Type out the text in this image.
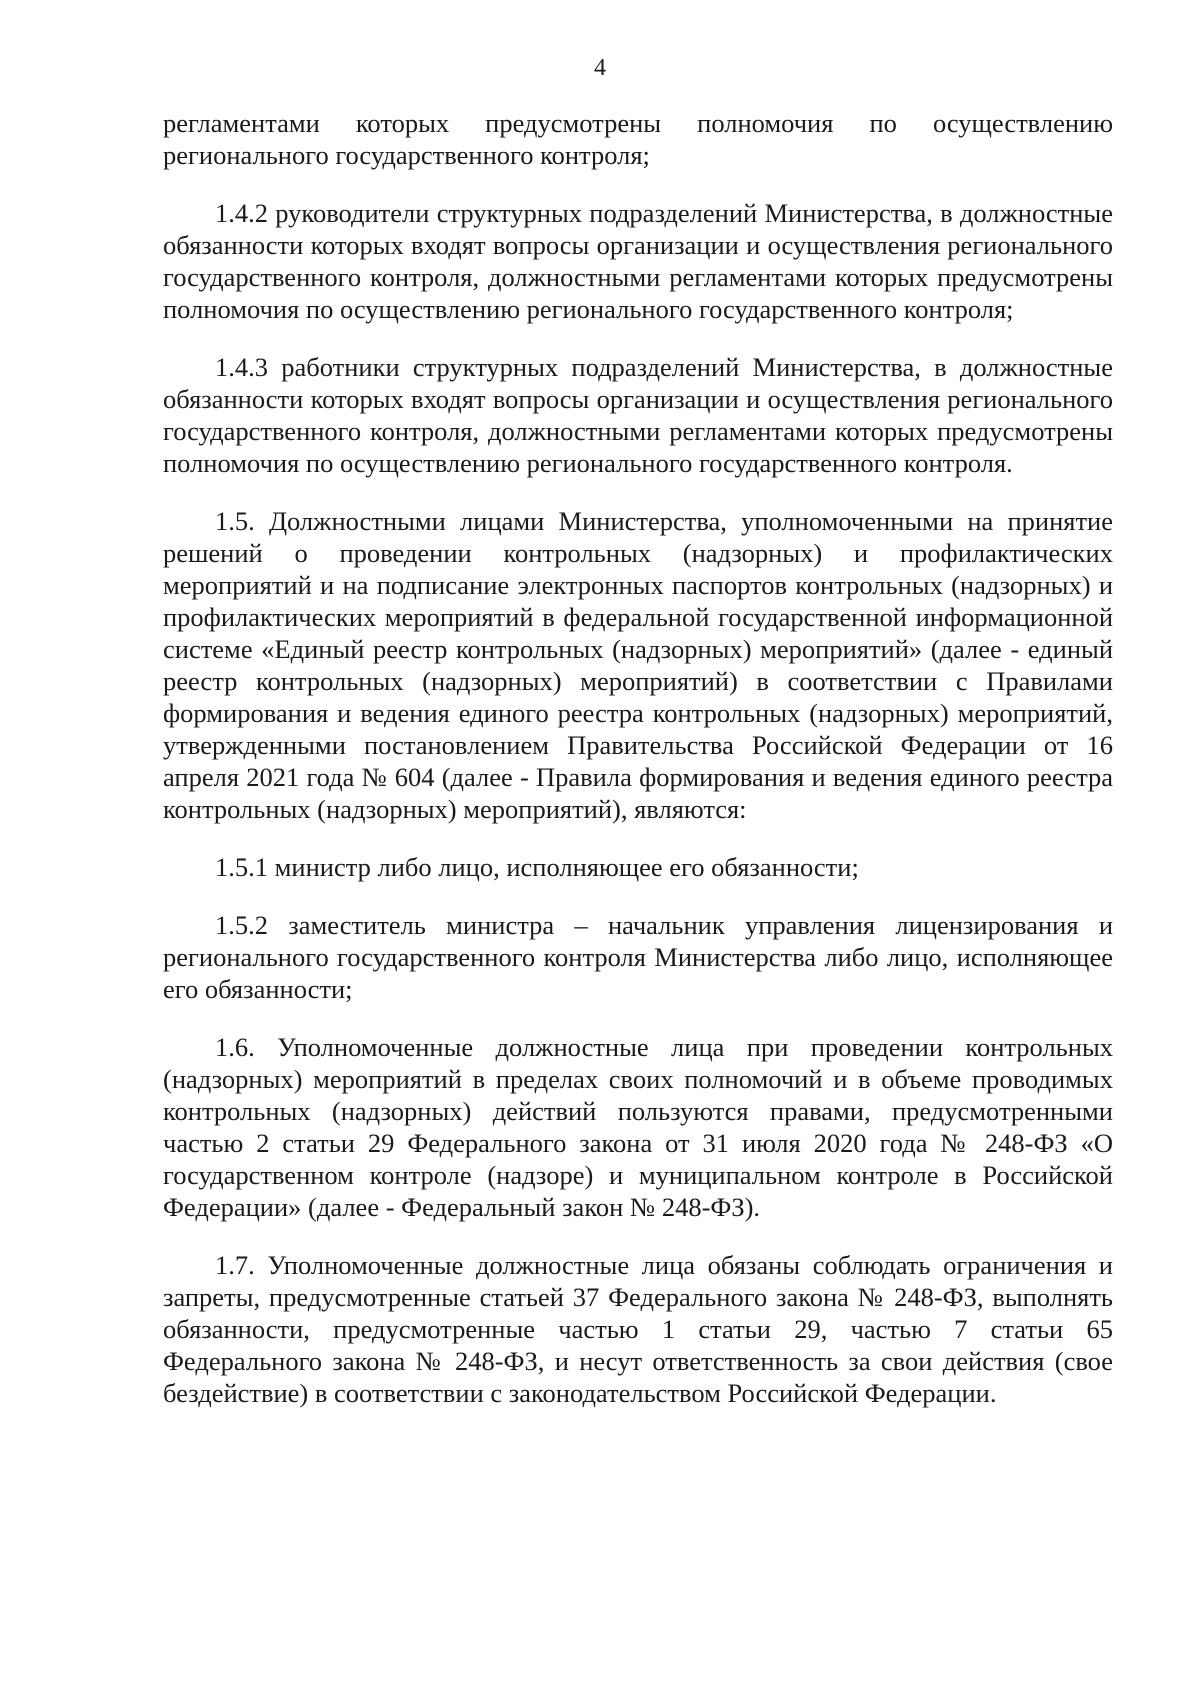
4

регламентами которых предусмотрены полномочия по осуществлению регионального государственного контроля;

1.4.2 руководители структурных подразделений Министерства, в должностные обязанности которых входят вопросы организации и осуществления регионального государственного контроля, должностными регламентами которых предусмотрены полномочия по осуществлению регионального государственного контроля;

1.4.3 работники структурных подразделений Министерства, в должностные обязанности которых входят вопросы организации и осуществления регионального государственного контроля, должностными регламентами которых предусмотрены полномочия по осуществлению регионального государственного контроля.

1.5. Должностными лицами Министерства, уполномоченными на принятие решений о проведении контрольных (надзорных) и профилактических мероприятий и на подписание электронных паспортов контрольных (надзорных) и профилактических мероприятий в федеральной государственной информационной системе «Единый реестр контрольных (надзорных) мероприятий» (далее - единый реестр контрольных (надзорных) мероприятий) в соответствии с Правилами формирования и ведения единого реестра контрольных (надзорных) мероприятий, утвержденными постановлением Правительства Российской Федерации от 16 апреля 2021 года № 604 (далее - Правила формирования и ведения единого реестра контрольных (надзорных) мероприятий), являются:

1.5.1 министр либо лицо, исполняющее его обязанности;

1.5.2 заместитель министра – начальник управления лицензирования и регионального государственного контроля Министерства либо лицо, исполняющее его обязанности;

1.6. Уполномоченные должностные лица при проведении контрольных (надзорных) мероприятий в пределах своих полномочий и в объеме проводимых контрольных (надзорных) действий пользуются правами, предусмотренными частью 2 статьи 29 Федерального закона от 31 июля 2020 года № 248-ФЗ «О государственном контроле (надзоре) и муниципальном контроле в Российской Федерации» (далее - Федеральный закон № 248-ФЗ).

1.7. Уполномоченные должностные лица обязаны соблюдать ограничения и запреты, предусмотренные статьей 37 Федерального закона № 248-ФЗ, выполнять обязанности, предусмотренные частью 1 статьи 29, частью 7 статьи 65 Федерального закона № 248-ФЗ, и несут ответственность за свои действия (свое бездействие) в соответствии с законодательством Российской Федерации.
